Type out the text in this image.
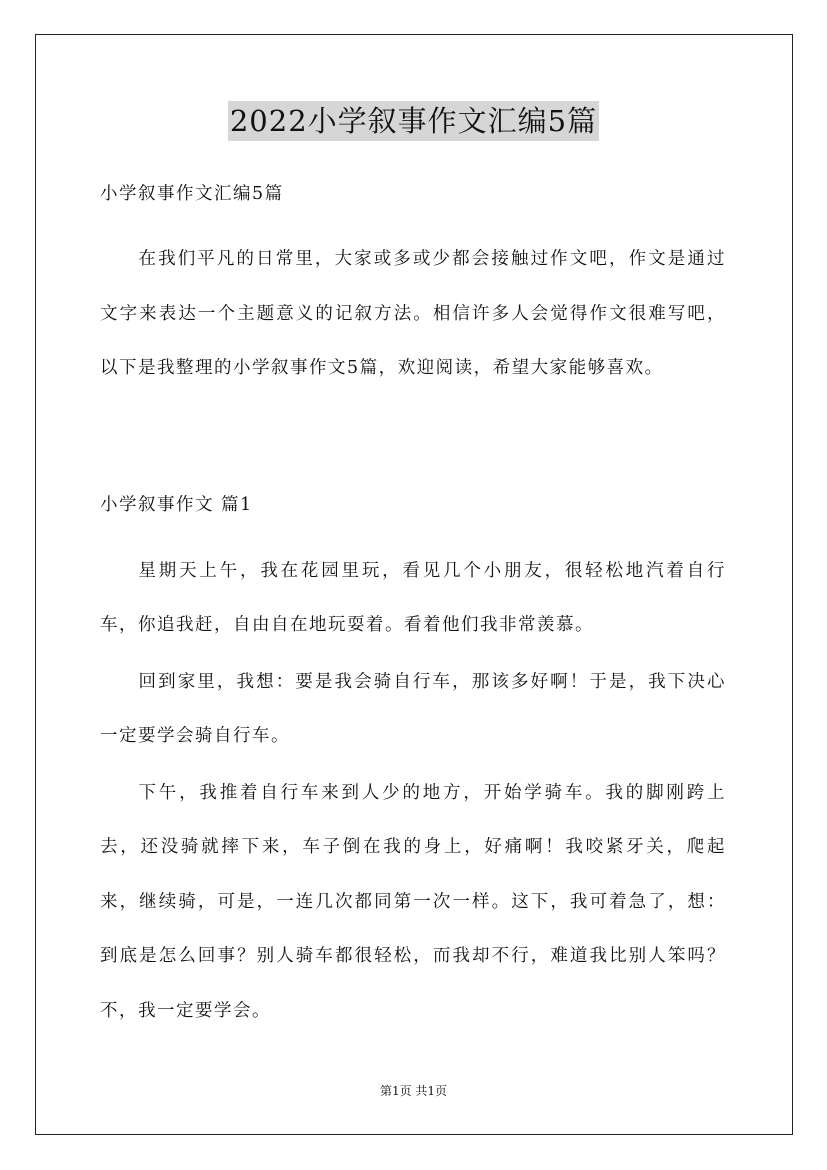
2022小学叙事作文汇编5篇

小学叙事作文汇编5篇

在我们平凡的日常里，大家或多或少都会接触过作文吧，作文是通过文字来表达一个主题意义的记叙方法。相信许多人会觉得作文很难写吧，以下是我整理的小学叙事作文5篇，欢迎阅读，希望大家能够喜欢。

小学叙事作文 篇1

星期天上午，我在花园里玩，看见几个小朋友，很轻松地汽着自行车，你追我赶，自由自在地玩耍着。看着他们我非常羡慕。

回到家里，我想：要是我会骑自行车，那该多好啊！于是，我下决心一定要学会骑自行车。

下午，我推着自行车来到人少的地方，开始学骑车。我的脚刚跨上去，还没骑就摔下来，车子倒在我的身上，好痛啊！我咬紧牙关，爬起来，继续骑，可是，一连几次都同第一次一样。这下，我可着急了，想：到底是怎么回事？别人骑车都很轻松，而我却不行，难道我比别人笨吗？不，我一定要学会。

第1页 共1页
